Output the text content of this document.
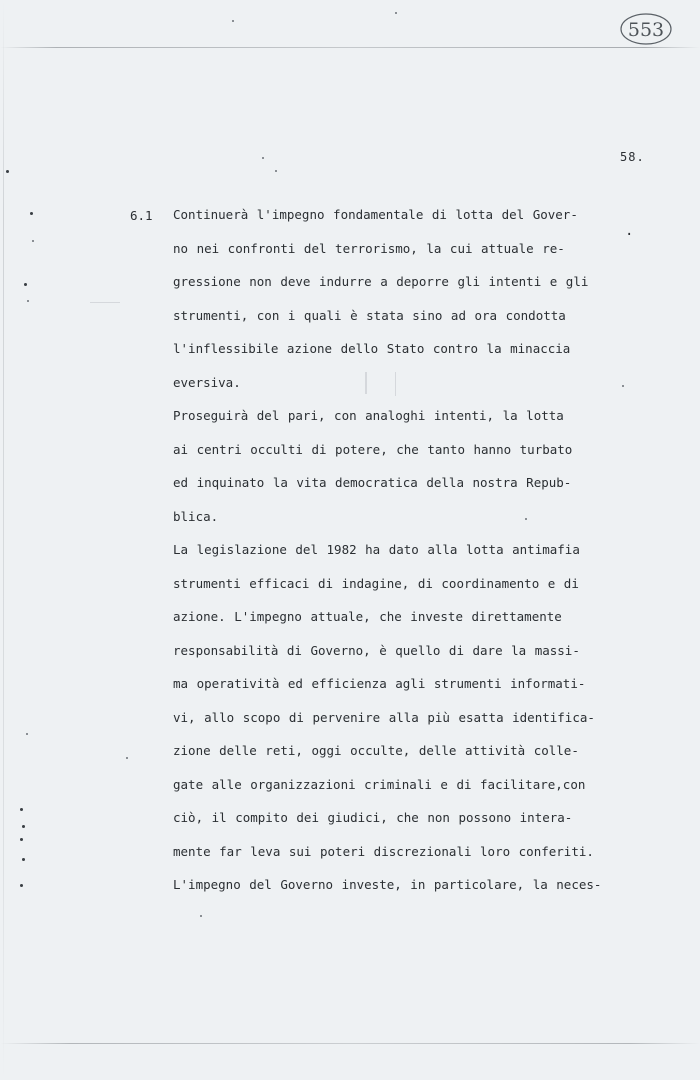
553
58.
6.1
.
Continuerà l'impegno fondamentale di lotta del Gover-
no nei confronti del terrorismo, la cui attuale re-
gressione non deve indurre a deporre gli intenti e gli
strumenti, con i quali è stata sino ad ora condotta
l'inflessibile azione dello Stato contro la minaccia
eversiva.
Proseguirà del pari, con analoghi intenti, la lotta
ai centri occulti di potere, che tanto hanno turbato
ed inquinato la vita democratica della nostra Repub-
blica.
La legislazione del 1982 ha dato alla lotta antimafia
strumenti efficaci di indagine, di coordinamento e di
azione. L'impegno attuale, che investe direttamente
responsabilità di Governo, è quello di dare la massi-
ma operatività ed efficienza agli strumenti informati-
vi, allo scopo di pervenire alla più esatta identifica-
zione delle reti, oggi occulte, delle attività colle-
gate alle organizzazioni criminali e di facilitare,con
ciò, il compito dei giudici, che non possono intera-
mente far leva sui poteri discrezionali loro conferiti.
L'impegno del Governo investe, in particolare, la neces-
